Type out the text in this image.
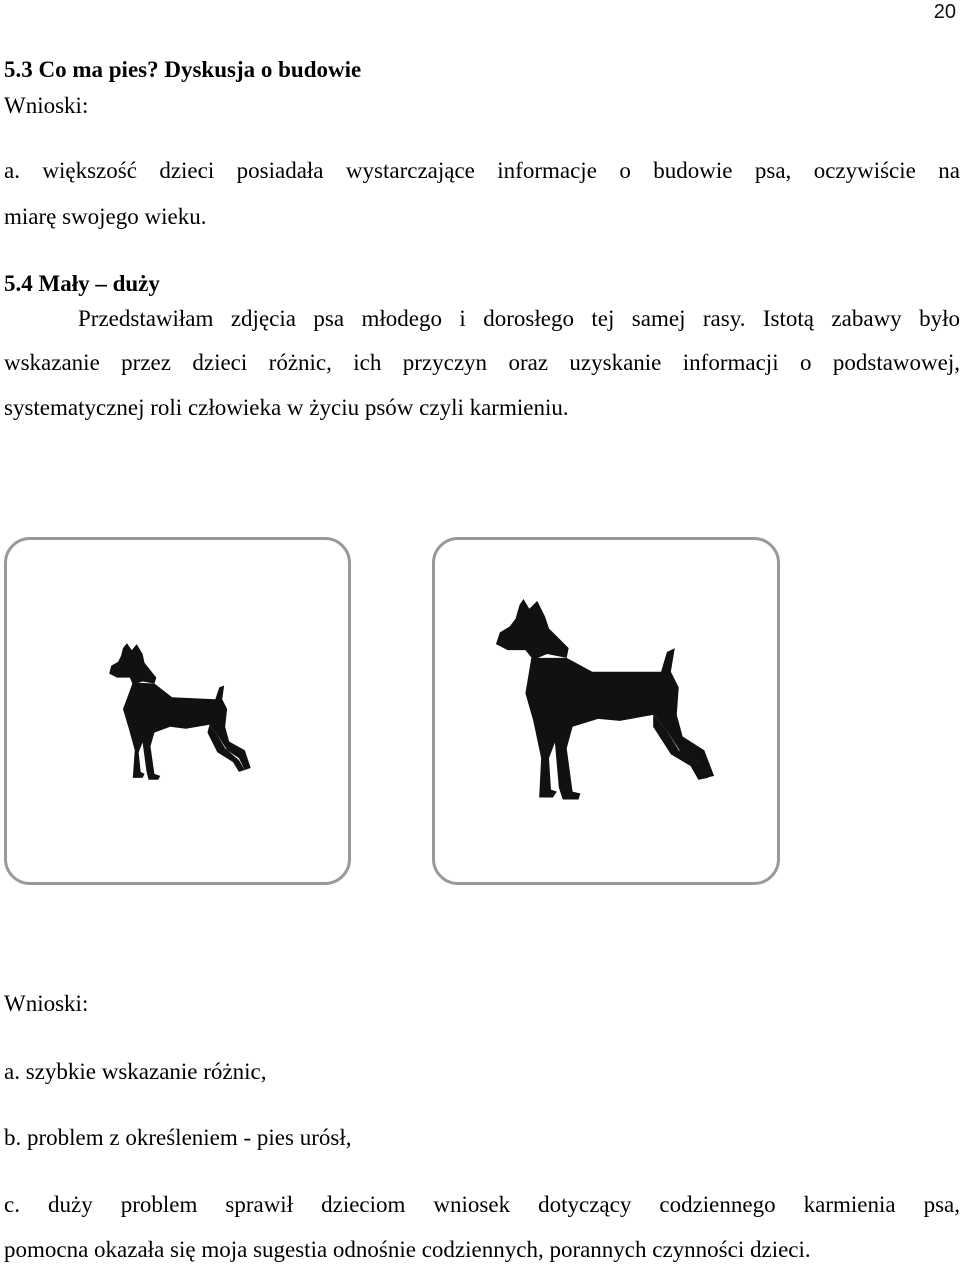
20
5.3 Co ma pies? Dyskusja o budowie
Wnioski:
a. większość dzieci posiadała wystarczające informacje o budowie psa, oczywiście na
miarę swojego wieku.
5.4 Mały – duży
Przedstawiłam zdjęcia psa młodego i dorosłego tej samej rasy. Istotą zabawy było
wskazanie przez dzieci różnic, ich przyczyn oraz uzyskanie informacji o podstawowej,
systematycznej roli człowieka w życiu psów czyli karmieniu.
Wnioski:
a. szybkie wskazanie różnic,
b. problem z określeniem - pies urósł,
c. duży problem sprawił dzieciom wniosek dotyczący codziennego karmienia psa,
pomocna okazała się moja sugestia odnośnie codziennych, porannych czynności dzieci.
